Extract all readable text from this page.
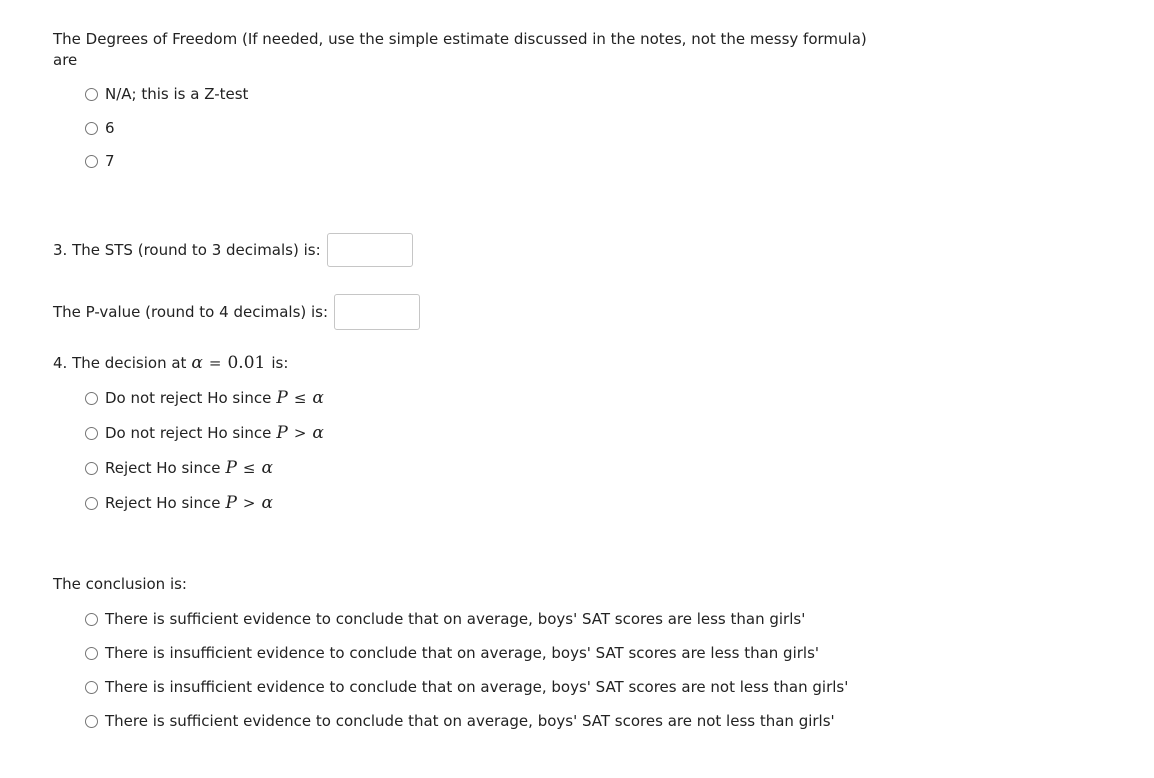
The Degrees of Freedom (If needed, use the simple estimate discussed in the notes, not the messy formula)
are
N/A; this is a Z-test
6
7
3. The STS (round to 3 decimals) is:
The P-value (round to 4 decimals) is:
4. The decision at α = 0.01 is:
Do not reject Ho since P ≤ α
Do not reject Ho since P > α
Reject Ho since P ≤ α
Reject Ho since P > α
The conclusion is:
There is sufficient evidence to conclude that on average, boys' SAT scores are less than girls'
There is insufficient evidence to conclude that on average, boys' SAT scores are less than girls'
There is insufficient evidence to conclude that on average, boys' SAT scores are not less than girls'
There is sufficient evidence to conclude that on average, boys' SAT scores are not less than girls'
